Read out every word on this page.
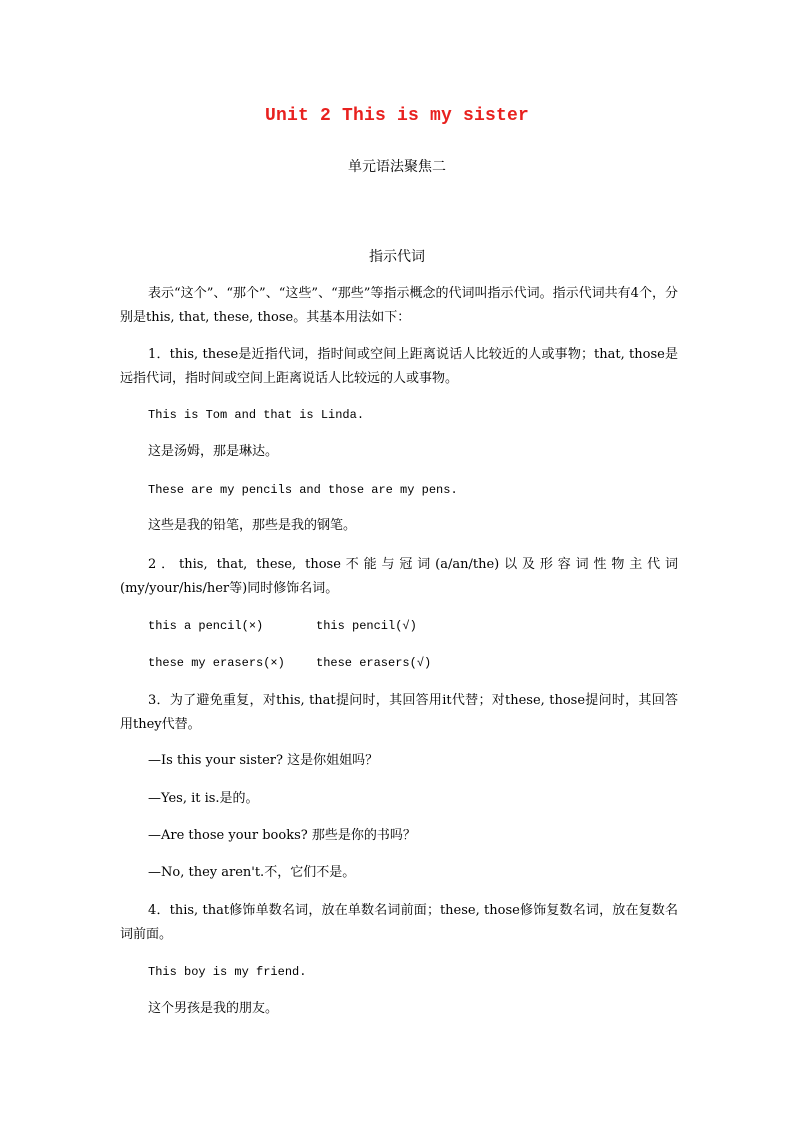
Unit 2 This is my sister
单元语法聚焦二
指示代词
表示“这个”、“那个”、“这些”、“那些”等指示概念的代词叫指示代词。指示代词共有4个，分别是this, that, these, those。其基本用法如下：
1．this, these是近指代词，指时间或空间上距离说话人比较近的人或事物；that, those是远指代词，指时间或空间上距离说话人比较远的人或事物。
This is Tom and that is Linda.
这是汤姆，那是琳达。
These are my pencils and those are my pens.
这些是我的铅笔，那些是我的钢笔。
2．this, that, these, those不能与冠词(a/an/the)以及形容词性物主代词(my/your/his/her等)同时修饰名词。
this a pencil(×)	this pencil(√)
these my erasers(×)	these erasers(√)
3．为了避免重复，对this, that提问时，其回答用it代替；对these, those提问时，其回答用they代替。
—Is this your sister? 这是你姐姐吗？
—Yes, it is.是的。
—Are those your books? 那些是你的书吗？
—No, they aren't.不，它们不是。
4．this, that修饰单数名词，放在单数名词前面；these, those修饰复数名词，放在复数名词前面。
This boy is my friend.
这个男孩是我的朋友。
